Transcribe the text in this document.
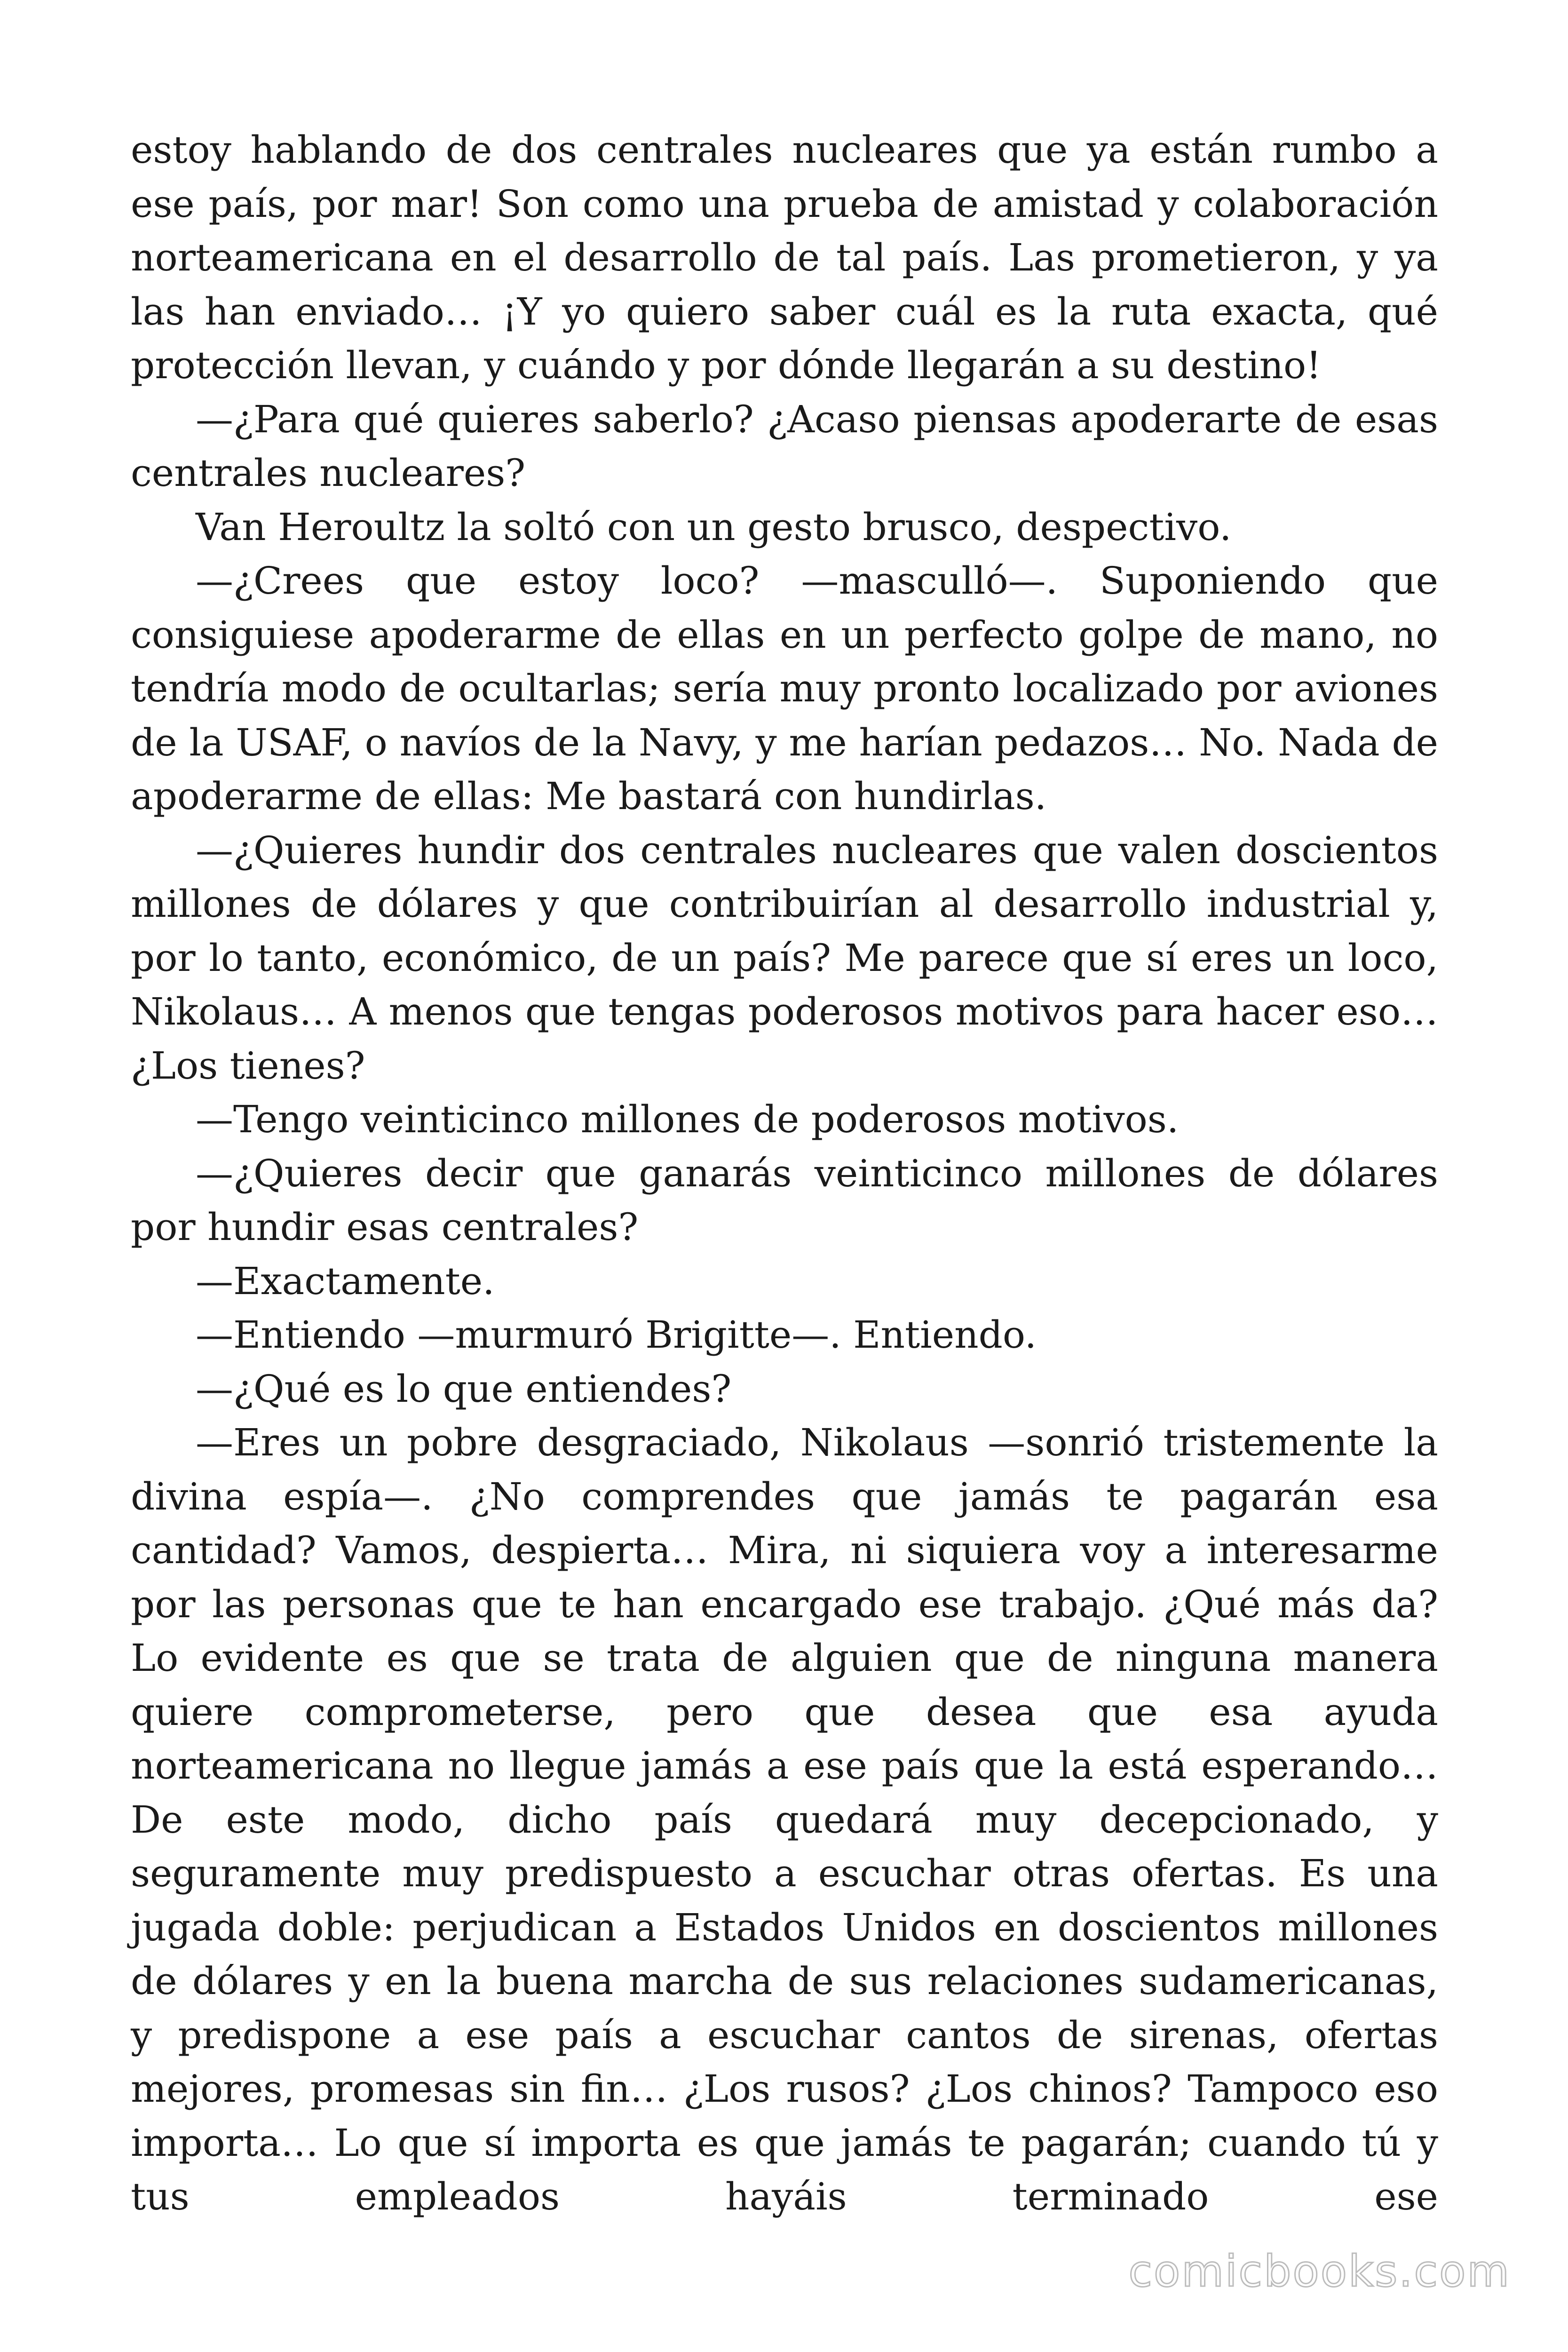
estoy hablando de dos centrales nucleares que ya están rumbo a ese país, por mar! Son como una prueba de amistad y colaboración norteamericana en el desarrollo de tal país. Las prometieron, y ya las han enviado… ¡Y yo quiero saber cuál es la ruta exacta, qué protección llevan, y cuándo y por dónde llegarán a su destino!

—¿Para qué quieres saberlo? ¿Acaso piensas apoderarte de esas centrales nucleares?

Van Heroultz la soltó con un gesto brusco, despectivo.

—¿Crees que estoy loco? —mascullό—. Suponiendo que consiguiese apoderarme de ellas en un perfecto golpe de mano, no tendría modo de ocultarlas; sería muy pronto localizado por aviones de la USAF, o navíos de la Navy, y me harían pedazos… No. Nada de apoderarme de ellas: Me bastará con hundirlas.

—¿Quieres hundir dos centrales nucleares que valen doscientos millones de dólares y que contribuirían al desarrollo industrial y, por lo tanto, económico, de un país? Me parece que sí eres un loco, Nikolaus… A menos que tengas poderosos motivos para hacer eso… ¿Los tienes?

—Tengo veinticinco millones de poderosos motivos.

—¿Quieres decir que ganarás veinticinco millones de dólares por hundir esas centrales?

—Exactamente.

—Entiendo —murmuró Brigitte—. Entiendo.

—¿Qué es lo que entiendes?

—Eres un pobre desgraciado, Nikolaus —sonrió tristemente la divina espía—. ¿No comprendes que jamás te pagarán esa cantidad? Vamos, despierta… Mira, ni siquiera voy a interesarme por las personas que te han encargado ese trabajo. ¿Qué más da? Lo evidente es que se trata de alguien que de ninguna manera quiere comprometerse, pero que desea que esa ayuda norteamericana no llegue jamás a ese país que la está esperando… De este modo, dicho país quedará muy decepcionado, y seguramente muy predispuesto a escuchar otras ofertas. Es una jugada doble: perjudican a Estados Unidos en doscientos millones de dólares y en la buena marcha de sus relaciones sudamericanas, y predispone a ese país a escuchar cantos de sirenas, ofertas mejores, promesas sin fin… ¿Los rusos? ¿Los chinos? Tampoco eso importa… Lo que sí importa es que jamás te pagarán; cuando tú y tus empleados hayáis terminado ese

comicbooks.com
